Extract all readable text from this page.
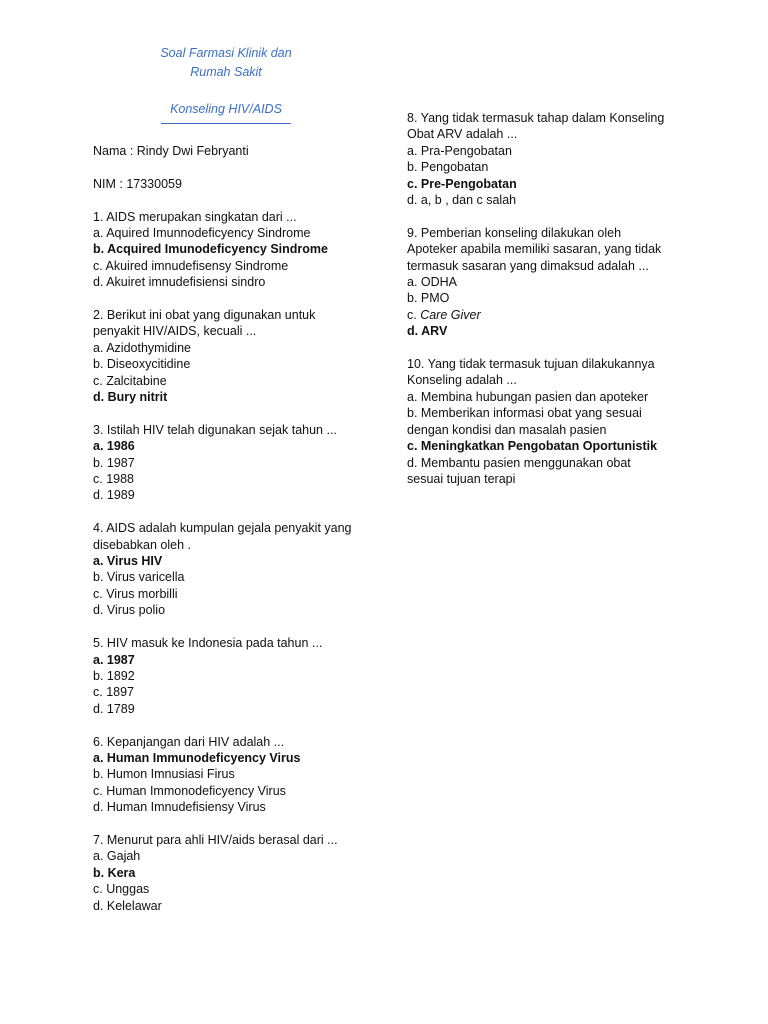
Soal Farmasi Klinik dan
Rumah Sakit
Konseling HIV/AIDS
Nama : Rindy Dwi Febryanti
NIM : 17330059
1. AIDS merupakan singkatan dari ...
a. Aquired Imunnodeficyency Sindrome
b. Acquired Imunodeficyency Sindrome
c. Akuired imnudefisensy Sindrome
d. Akuiret imnudefisiensi sindro
2. Berikut ini obat yang digunakan untuk
penyakit HIV/AIDS, kecuali ...
a. Azidothymidine
b. Diseoxycitidine
c. Zalcitabine
d. Bury nitrit
3. Istilah HIV telah digunakan sejak tahun ...
a. 1986
b. 1987
c. 1988
d. 1989
4. AIDS adalah kumpulan gejala penyakit yang
disebabkan oleh .
a. Virus HIV
b. Virus varicella
c. Virus morbilli
d. Virus polio
5. HIV masuk ke Indonesia pada tahun ...
a. 1987
b. 1892
c. 1897
d. 1789
6. Kepanjangan dari HIV adalah ...
a. Human Immunodeficyency Virus
b. Humon Imnusiasi Firus
c. Human Immonodeficyency Virus
d. Human Imnudefisiensy Virus
7. Menurut para ahli HIV/aids berasal dari ...
a. Gajah
b. Kera
c. Unggas
d. Kelelawar
8. Yang tidak termasuk tahap dalam Konseling
Obat ARV adalah ...
a. Pra-Pengobatan
b. Pengobatan
c. Pre-Pengobatan
d. a, b , dan c salah
9. Pemberian konseling dilakukan oleh
Apoteker apabila memiliki sasaran, yang tidak
termasuk sasaran yang dimaksud adalah ...
a. ODHA
b. PMO
c. Care Giver
d. ARV
10. Yang tidak termasuk tujuan dilakukannya
Konseling adalah ...
a. Membina hubungan pasien dan apoteker
b. Memberikan informasi obat yang sesuai
dengan kondisi dan masalah pasien
c. Meningkatkan Pengobatan Oportunistik
d. Membantu pasien menggunakan obat
sesuai tujuan terapi
